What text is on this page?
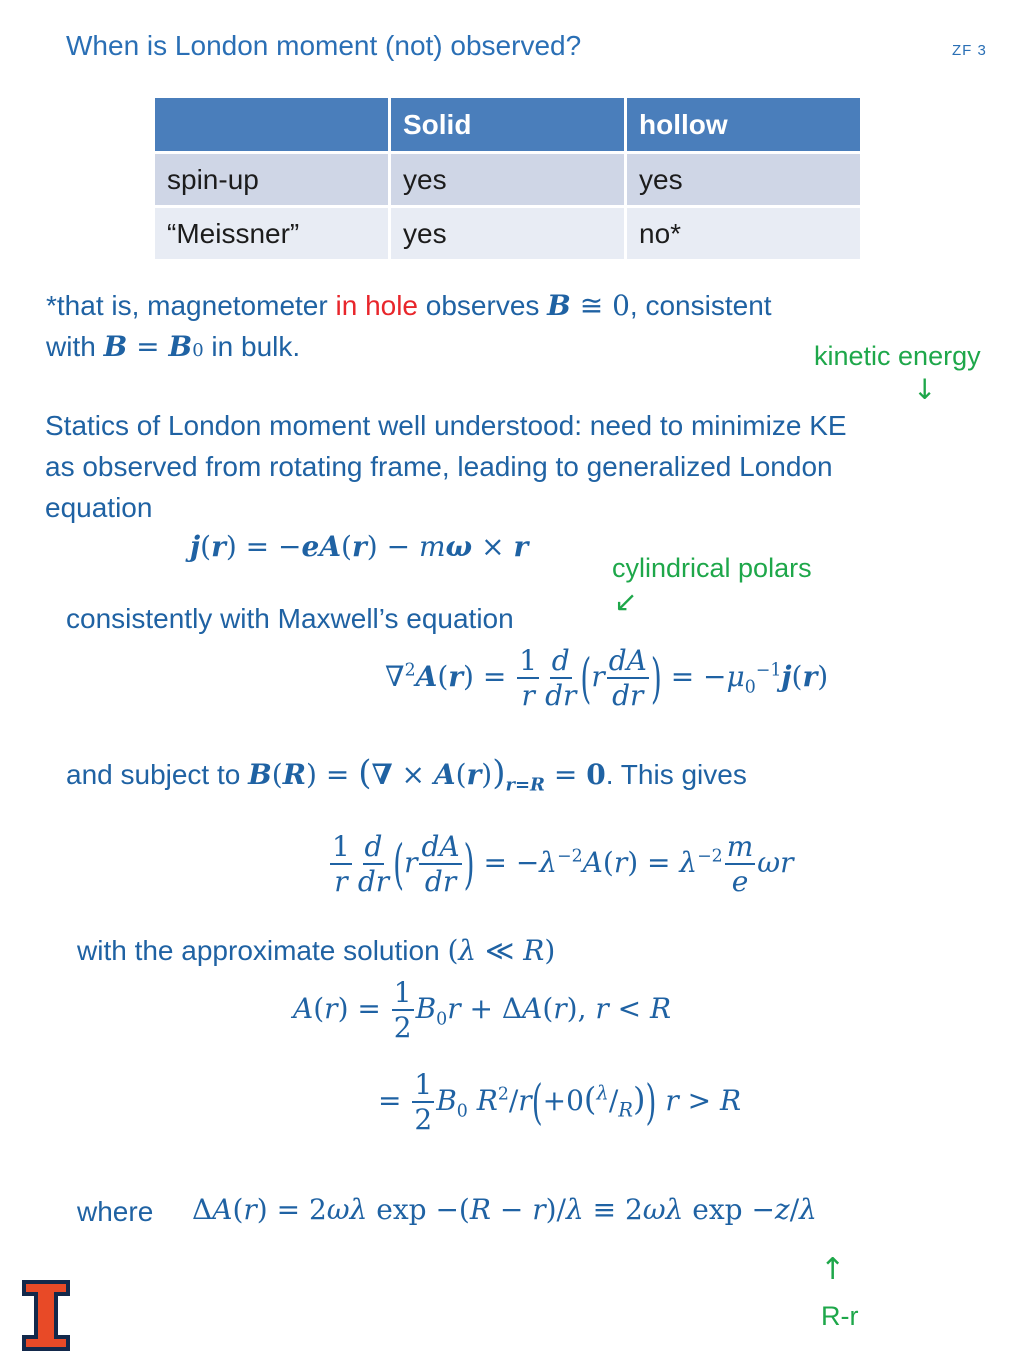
When is London moment (not) observed?	ZF 3
	Solid	hollow
spin-up	yes	yes
“Meissner”	yes	no*
*that is, magnetometer in hole observes B ≅ 0, consistent
with B = B0 in bulk.	kinetic energy
↓
Statics of London moment well understood: need to minimize KE
as observed from rotating frame, leading to generalized London
equation
j(r) = −eA(r) − mω × r
cylindrical polars
↙
consistently with Maxwell’s equation
$\nabla^2A(r) = \frac{1}{r} \frac{d}{dr} (r \frac{dA}{dr}$ ) = $-\mu_0^{-1}j(r)$
and subject to B(R) = (∇ × $A(r))_{r=R} = 0$. This gives
$\frac{1}{r} \frac{d}{dr} (r \frac{dA}{dr}$ ) = $-\lambda^{-2}A(r) = \lambda^{-2} \frac{m}{e}$ ωr
with the approximate solution (λ ≪ R)
$A(r) = \frac{1}{2} B_0r + \Delta A(r)$, r < R
= $\frac{1}{2} B_0$ $R^2/r(+0(^\lambda/_R)) r > R$
where ΔA(r) = 2ωλ exp −(R − r)/λ ≡ 2ωλ exp −z/λ
↑
R-r
